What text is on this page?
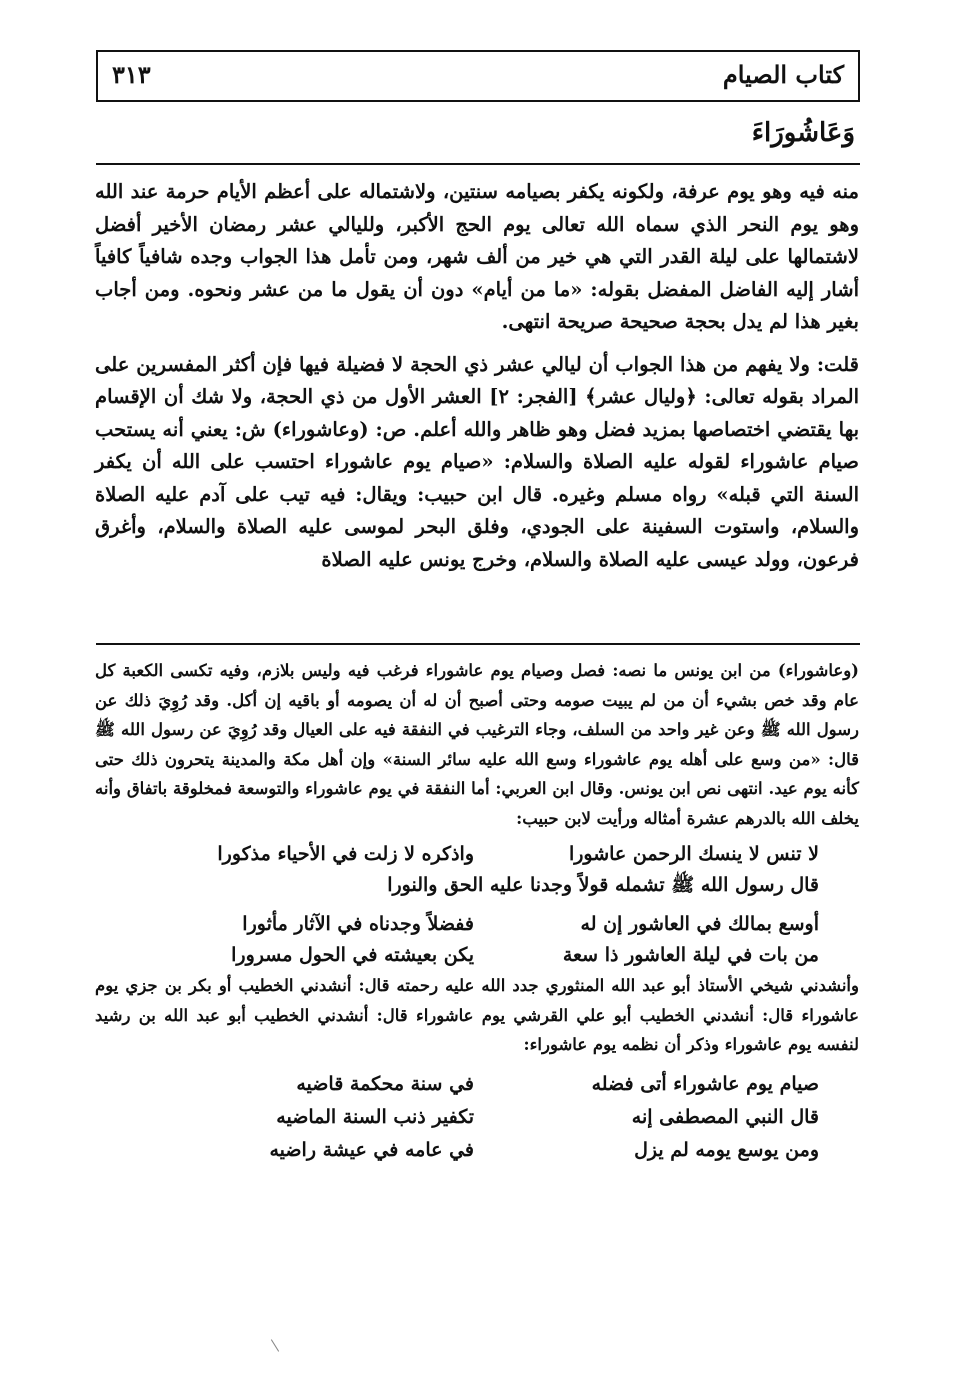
كتاب الصيام
٣١٣
وَعَاشُورَاءَ

منه فيه وهو يوم عرفة، ولكونه يكفر بصيامه سنتين، ولاشتماله على أعظم الأيام حرمة عند الله وهو يوم النحر الذي سماه الله تعالى يوم الحج الأكبر، ولليالي عشر رمضان الأخير أفضل لاشتمالها على ليلة القدر التي هي خير من ألف شهر، ومن تأمل هذا الجواب وجده شافياً كافياً أشار إليه الفاضل المفضل بقوله: «ما من أيام» دون أن يقول ما من عشر ونحوه. ومن أجاب بغير هذا لم يدل بحجة صحيحة صريحة انتهى.

قلت: ولا يفهم من هذا الجواب أن ليالي عشر ذي الحجة لا فضيلة فيها فإن أكثر المفسرين على المراد بقوله تعالى: ﴿وليال عشر﴾ [الفجر: ٢] العشر الأول من ذي الحجة، ولا شك أن الإقسام بها يقتضي اختصاصها بمزيد فضل وهو ظاهر والله أعلم. ص: (وعاشوراء) ش: يعني أنه يستحب صيام عاشوراء لقوله عليه الصلاة والسلام: «صيام يوم عاشوراء احتسب على الله أن يكفر السنة التي قبله» رواه مسلم وغيره. قال ابن حبيب: ويقال: فيه تيب على آدم عليه الصلاة والسلام، واستوت السفينة على الجودي، وفلق البحر لموسى عليه الصلاة والسلام، وأغرق فرعون، وولد عيسى عليه الصلاة والسلام، وخرج يونس عليه الصلاة

(وعاشوراء) من ابن يونس ما نصه: فصل وصيام يوم عاشوراء فرغب فيه وليس بلازم، وفيه تكسى الكعبة كل عام وقد خص بشيء أن من لم يبيت صومه وحتى أصبح أن له أن يصومه أو باقيه إن أكل. وقد رُوِيَ ذلك عن رسول الله ﷺ وعن غير واحد من السلف، وجاء الترغيب في النفقة فيه على العيال وقد رُوِيَ عن رسول الله ﷺ قال: «من وسع على أهله يوم عاشوراء وسع الله عليه سائر السنة» وإن أهل مكة والمدينة يتحرون ذلك حتى كأنه يوم عيد. انتهى نص ابن يونس. وقال ابن العربي: أما النفقة في يوم عاشوراء والتوسعة فمخلوقة باتفاق وأنه يخلف الله بالدرهم عشرة أمثاله ورأيت لابن حبيب:

لا تنس لا ينسك الرحمن عاشورا
واذكره لا زلت في الأحياء مذكورا
قال رسول الله ﷺ تشمله قولاً وجدنا عليه الحق والنورا
أوسع بمالك في العاشور إن له
ففضلاً وجدناه في الآثار مأثورا
من بات في ليلة العاشور ذا سعة
يكن بعيشته في الحول مسرورا

وأنشدني شيخي الأستاذ أبو عبد الله المنثوري جدد الله عليه رحمته قال: أنشدني الخطيب أو بكر بن جزي يوم عاشوراء قال: أنشدني الخطيب أبو علي القرشي يوم عاشوراء قال: أنشدني الخطيب أبو عبد الله بن رشيد لنفسه يوم عاشوراء وذكر أن نظمه يوم عاشوراء:

صيام يوم عاشوراء أتى فضله
في سنة محكمة قاضيه
قال النبي المصطفى إنه
تكفير ذنب السنة الماضيه
ومن يوسع يومه لم يزل
في عامه في عيشة راضيه
